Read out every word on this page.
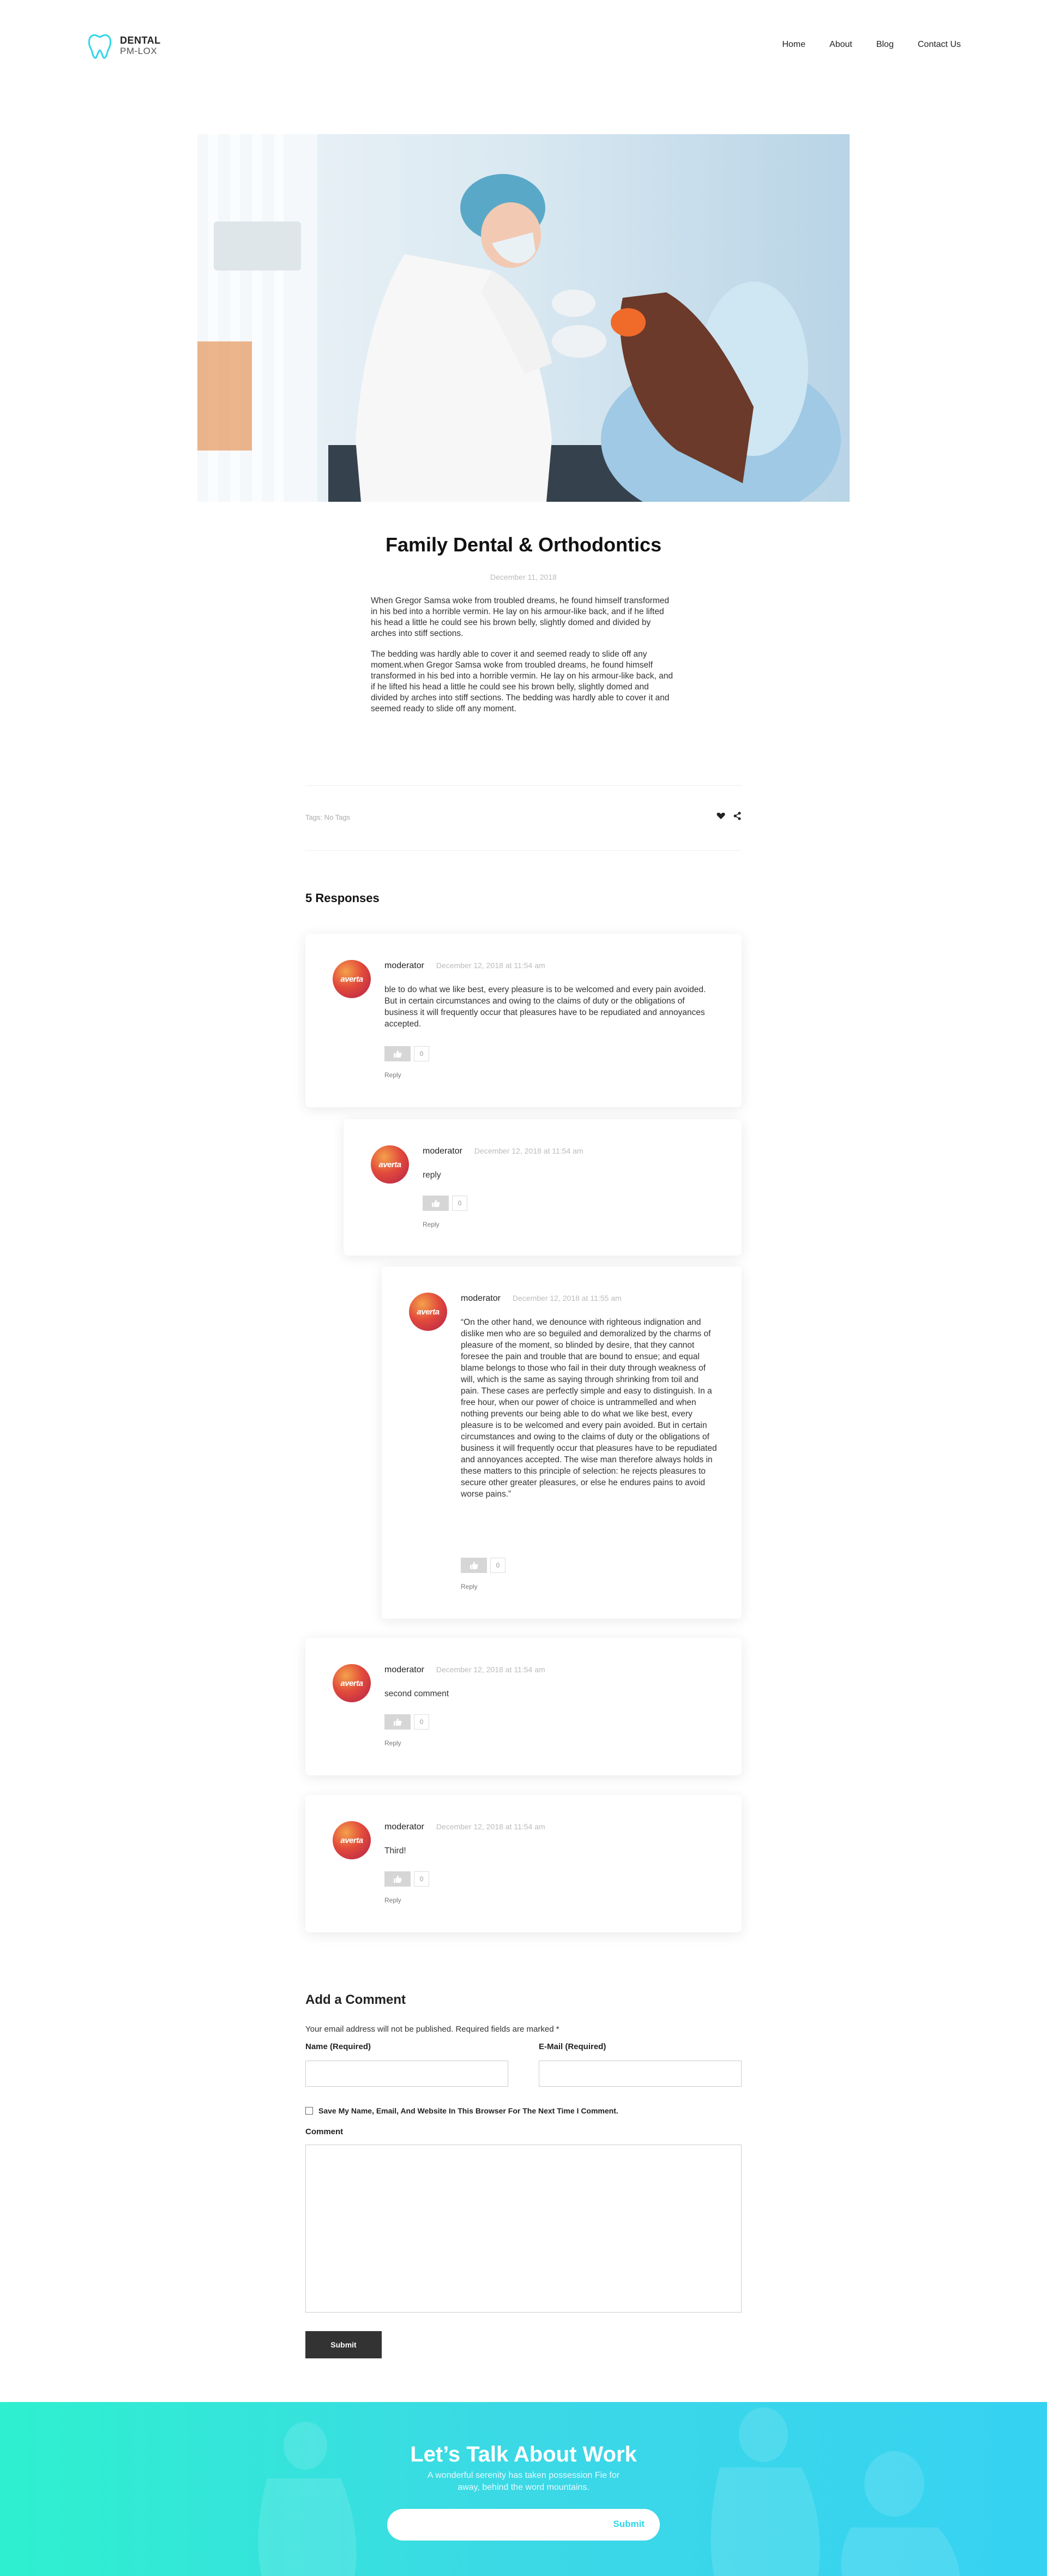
DENTAL
PM-LOX
Home	About	Blog	Contact Us
Family Dental & Orthodontics
December 11, 2018

When Gregor Samsa woke from troubled dreams, he found himself transformed in his bed into a horrible vermin. He lay on his armour-like back, and if he lifted his head a little he could see his brown belly, slightly domed and divided by arches into stiff sections.

The bedding was hardly able to cover it and seemed ready to slide off any moment.when Gregor Samsa woke from troubled dreams, he found himself transformed in his bed into a horrible vermin. He lay on his armour-like back, and if he lifted his head a little he could see his brown belly, slightly domed and divided by arches into stiff sections. The bedding was hardly able to cover it and seemed ready to slide off any moment.

Tags: No Tags
5 Responses
averta
moderator December 12, 2018 at 11:54 am
ble to do what we like best, every pleasure is to be welcomed and every pain avoided. But in certain circumstances and owing to the claims of duty or the obligations of business it will frequently occur that pleasures have to be repudiated and annoyances accepted.
0
Reply
averta
moderator December 12, 2018 at 11:54 am
reply
0
Reply
averta
moderator December 12, 2018 at 11:55 am
“On the other hand, we denounce with righteous indignation and dislike men who are so beguiled and demoralized by the charms of pleasure of the moment, so blinded by desire, that they cannot foresee the pain and trouble that are bound to ensue; and equal blame belongs to those who fail in their duty through weakness of will, which is the same as saying through shrinking from toil and pain. These cases are perfectly simple and easy to distinguish. In a free hour, when our power of choice is untrammelled and when nothing prevents our being able to do what we like best, every pleasure is to be welcomed and every pain avoided. But in certain circumstances and owing to the claims of duty or the obligations of business it will frequently occur that pleasures have to be repudiated and annoyances accepted. The wise man therefore always holds in these matters to this principle of selection: he rejects pleasures to secure other greater pleasures, or else he endures pains to avoid worse pains.”
0
Reply
averta
moderator December 12, 2018 at 11:54 am
second comment
0
Reply
averta
moderator December 12, 2018 at 11:54 am
Third!
0
Reply
Add a Comment
Your email address will not be published. Required fields are marked *
Name (Required)	E-Mail (Required)
Save My Name, Email, And Website In This Browser For The Next Time I Comment.
Comment
Submit
Let’s Talk About Work
A wonderful serenity has taken possession Fie for
away, behind the word mountains.
Submit
